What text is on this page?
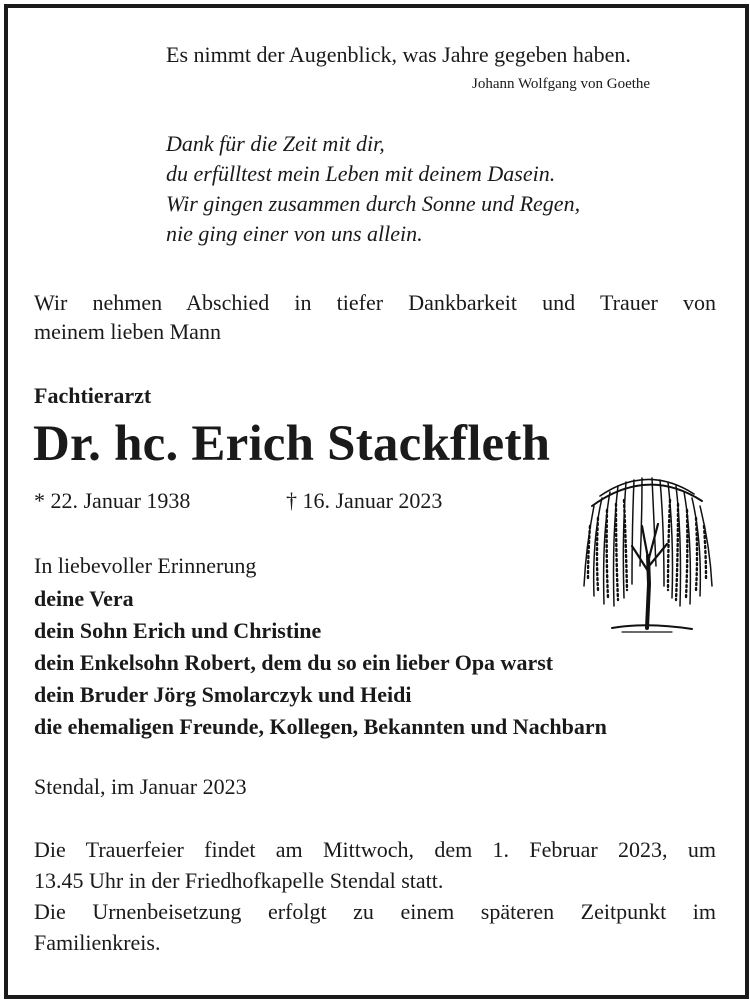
Es nimmt der Augenblick, was Jahre gegeben haben.

Johann Wolfgang von Goethe

Dank für die Zeit mit dir,

du erfülltest mein Leben mit deinem Dasein.

Wir gingen zusammen durch Sonne und Regen,

nie ging einer von uns allein.

Wir nehmen Abschied in tiefer Dankbarkeit und Trauer von

meinem lieben Mann

Fachtierarzt

Dr. hc. Erich Stackfleth

* 22. Januar 1938	† 16. Januar 2023

In liebevoller Erinnerung

deine Vera

dein Sohn Erich und Christine

dein Enkelsohn Robert, dem du so ein lieber Opa warst

dein Bruder Jörg Smolarczyk und Heidi

die ehemaligen Freunde, Kollegen, Bekannten und Nachbarn

Stendal, im Januar 2023

Die Trauerfeier findet am Mittwoch, dem 1. Februar 2023, um

13.45 Uhr in der Friedhofkapelle Stendal statt.

Die Urnenbeisetzung erfolgt zu einem späteren Zeitpunkt im

Familienkreis.
